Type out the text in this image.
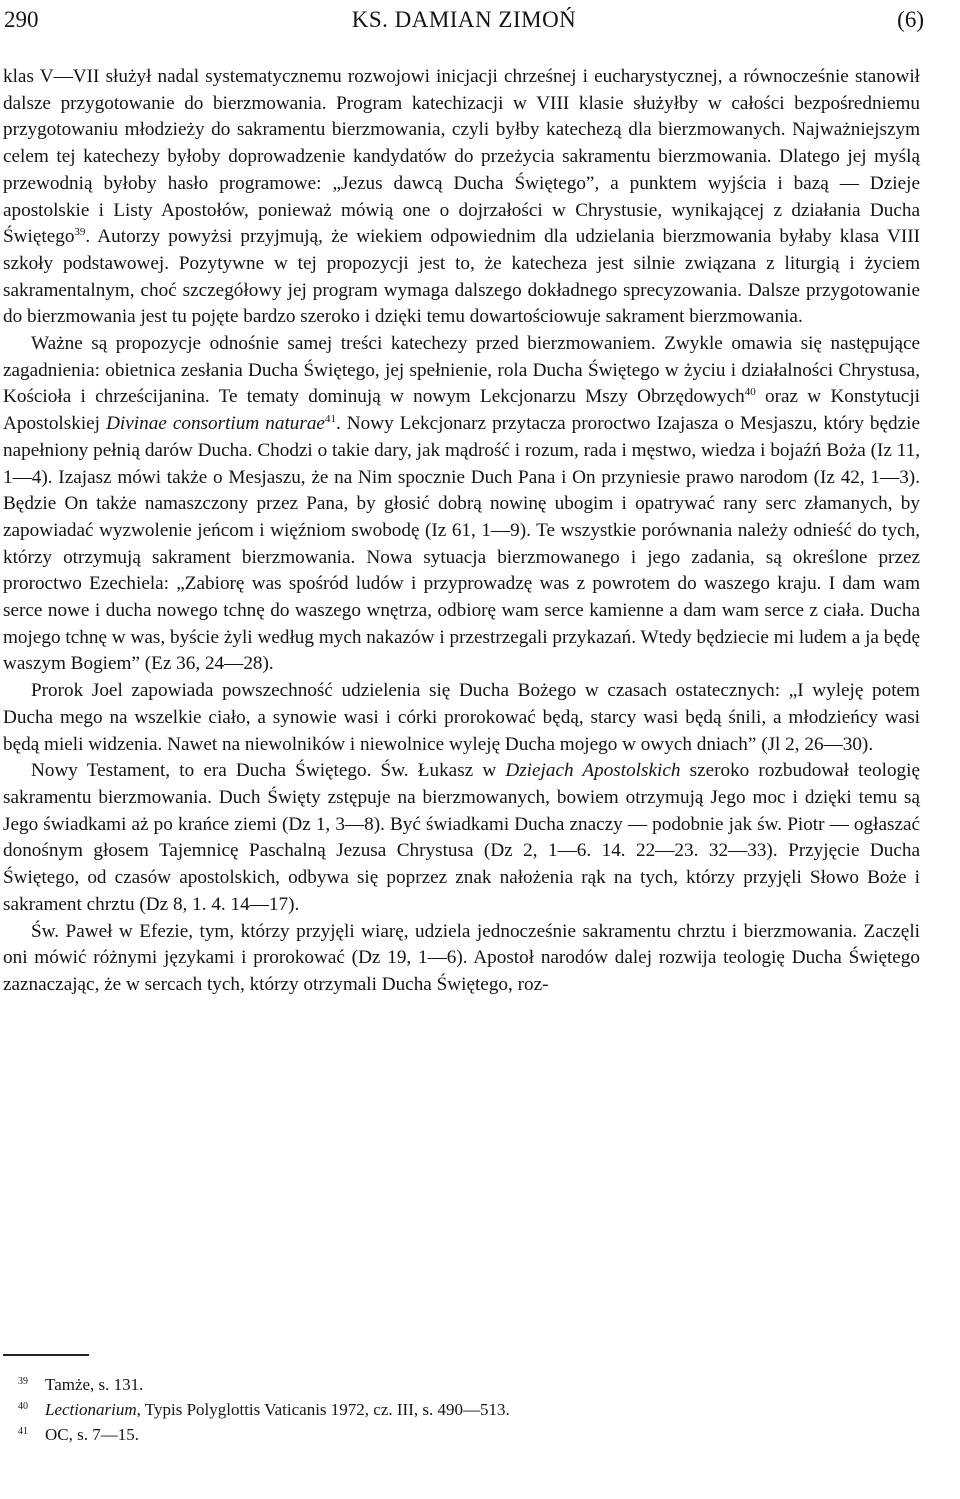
290	KS. DAMIAN ZIMOŃ	(6)

klas V—VII służył nadal systematycznemu rozwojowi inicjacji chrześnej i eucharystycznej, a równocześnie stanowił dalsze przygotowanie do bierzmowania. Program katechizacji w VIII klasie służyłby w całości bezpośredniemu przygotowaniu młodzieży do sakramentu bierzmowania, czyli byłby katechezą dla bierzmowanych. Najważniejszym celem tej katechezy byłoby doprowadzenie kandydatów do przeżycia sakramentu bierzmowania. Dlatego jej myślą przewodnią byłoby hasło programowe: „Jezus dawcą Ducha Świętego”, a punktem wyjścia i bazą — Dzieje apostolskie i Listy Apostołów, ponieważ mówią one o dojrzałości w Chrystusie, wynikającej z działania Ducha Świętego$^{39}$. Autorzy powyżsi przyjmują, że wiekiem odpowiednim dla udzielania bierzmowania byłaby klasa VIII szkoły podstawowej. Pozytywne w tej propozycji jest to, że katecheza jest silnie związana z liturgią i życiem sakramentalnym, choć szczegółowy jej program wymaga dalszego dokładnego sprecyzowania. Dalsze przygotowanie do bierzmowania jest tu pojęte bardzo szeroko i dzięki temu dowartościowuje sakrament bierzmowania.

Ważne są propozycje odnośnie samej treści katechezy przed bierzmowaniem. Zwykle omawia się następujące zagadnienia: obietnica zesłania Ducha Świętego, jej spełnienie, rola Ducha Świętego w życiu i działalności Chrystusa, Kościoła i chrześcijanina. Te tematy dominują w nowym Lekcjonarzu Mszy Obrzędowych$^{40}$ oraz w Konstytucji Apostolskiej Divinae consortium naturae$^{41}$. Nowy Lekcjonarz przytacza proroctwo Izajasza o Mesjaszu, który będzie napełniony pełnią darów Ducha. Chodzi o takie dary, jak mądrość i rozum, rada i męstwo, wiedza i bojaźń Boża (Iz 11, 1—4). Izajasz mówi także o Mesjaszu, że na Nim spocznie Duch Pana i On przyniesie prawo narodom (Iz 42, 1—3). Będzie On także namaszczony przez Pana, by głosić dobrą nowinę ubogim i opatrywać rany serc złamanych, by zapowiadać wyzwolenie jeńcom i więźniom swobodę (Iz 61, 1—9). Te wszystkie porównania należy odnieść do tych, którzy otrzymują sakrament bierzmowania. Nowa sytuacja bierzmowanego i jego zadania, są określone przez proroctwo Ezechiela: „Zabiorę was spośród ludów i przyprowadzę was z powrotem do waszego kraju. I dam wam serce nowe i ducha nowego tchnę do waszego wnętrza, odbiorę wam serce kamienne a dam wam serce z ciała. Ducha mojego tchnę w was, byście żyli według mych nakazów i przestrzegali przykazań. Wtedy będziecie mi ludem a ja będę waszym Bogiem” (Ez 36, 24—28).

Prorok Joel zapowiada powszechność udzielenia się Ducha Bożego w czasach ostatecznych: „I wyleję potem Ducha mego na wszelkie ciało, a synowie wasi i córki prorokować będą, starcy wasi będą śnili, a młodzieńcy wasi będą mieli widzenia. Nawet na niewolników i niewolnice wyleję Ducha mojego w owych dniach” (Jl 2, 26—30).

Nowy Testament, to era Ducha Świętego. Św. Łukasz w Dziejach Apostolskich szeroko rozbudował teologię sakramentu bierzmowania. Duch Święty zstępuje na bierzmowanych, bowiem otrzymują Jego moc i dzięki temu są Jego świadkami aż po krańce ziemi (Dz 1, 3—8). Być świadkami Ducha znaczy — podobnie jak św. Piotr — ogłaszać donośnym głosem Tajemnicę Paschalną Jezusa Chrystusa (Dz 2, 1—6. 14. 22—23. 32—33). Przyjęcie Ducha Świętego, od czasów apostolskich, odbywa się poprzez znak nałożenia rąk na tych, którzy przyjęli Słowo Boże i sakrament chrztu (Dz 8, 1. 4. 14—17).

Św. Paweł w Efezie, tym, którzy przyjęli wiarę, udziela jednocześnie sakramentu chrztu i bierzmowania. Zaczęli oni mówić różnymi językami i prorokować (Dz 19, 1—6). Apostoł narodów dalej rozwija teologię Ducha Świętego zaznaczając, że w sercach tych, którzy otrzymali Ducha Świętego, roz-

39 Tamże, s. 131.

40 Lectionarium, Typis Polyglottis Vaticanis 1972, cz. III, s. 490—513.

41 OC, s. 7—15.
